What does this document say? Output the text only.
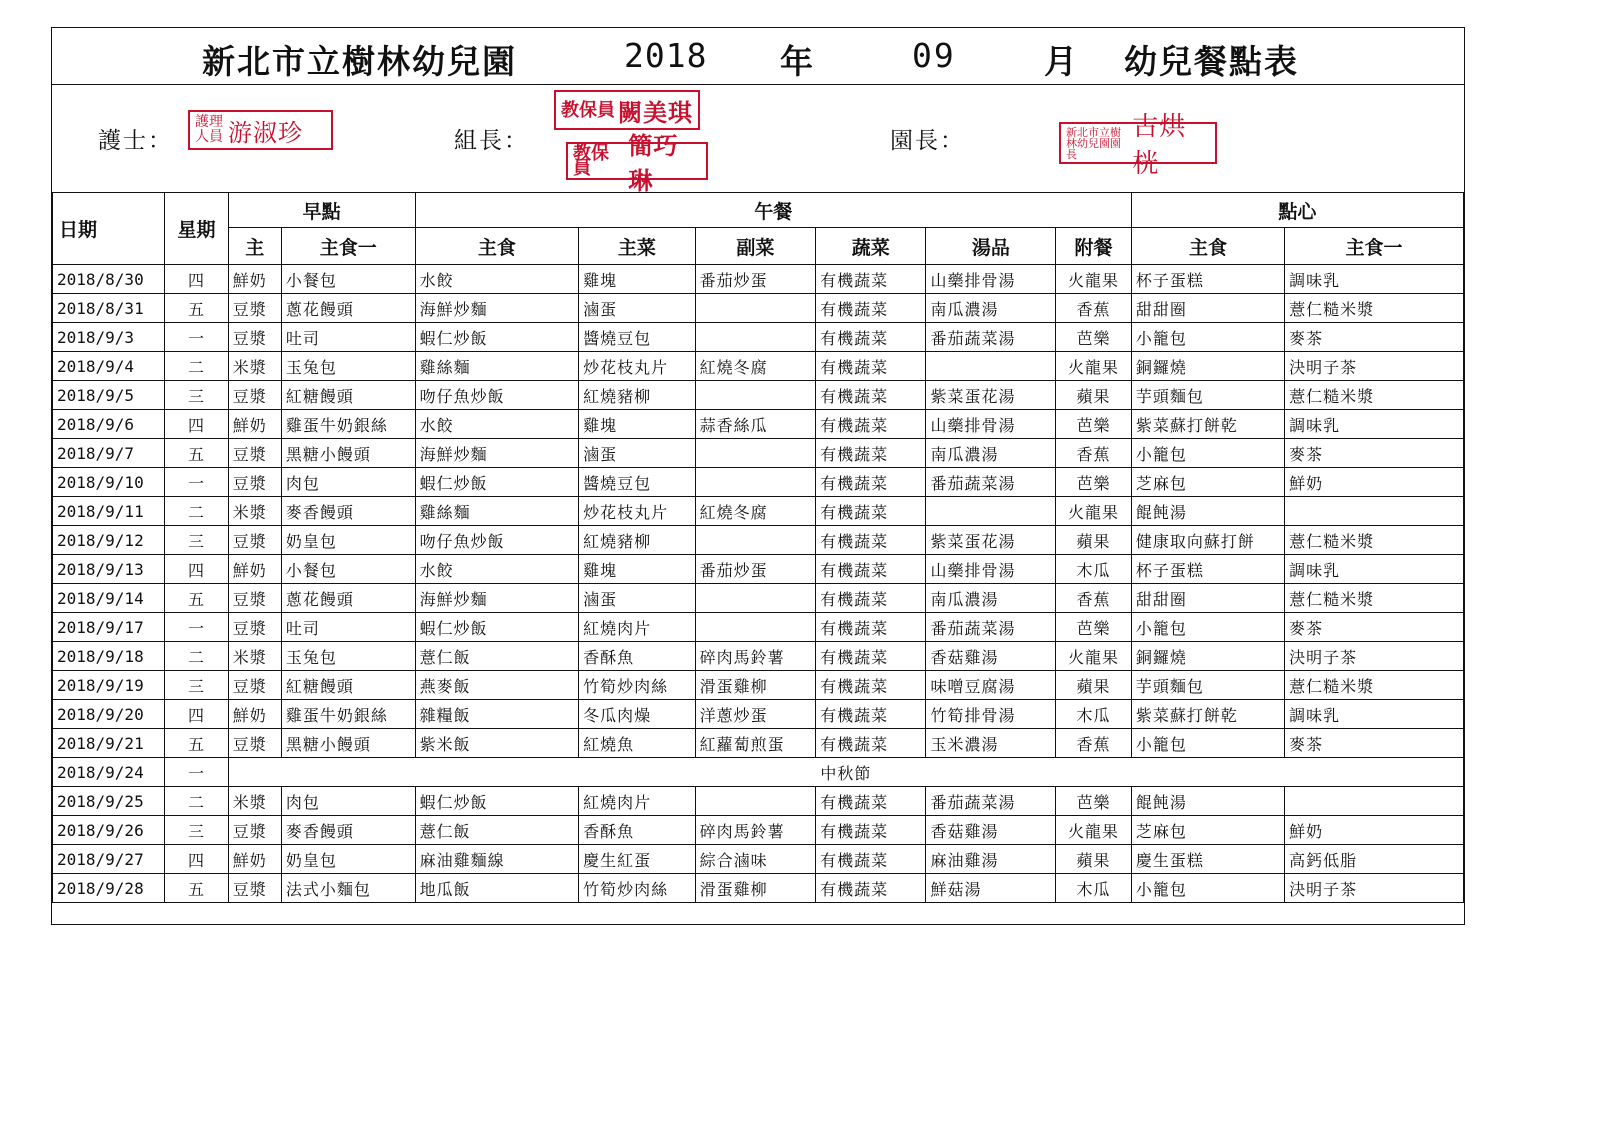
新北市立樹林幼兒園	2018 年	09	月 幼兒餐點表
護士：
護理人員 游淑珍	組長：
教保員 闕美琪
教保員
簡巧琳
園長：	新北市立樹林幼兒園園長
古烘桄
日期	星期	早點		午餐						點心	
		主	主食一	主食	主菜	副菜	蔬菜	湯品	附餐	主食	主食一
2018/8/30	四	鮮奶	小餐包	水餃	雞塊	番茄炒蛋	有機蔬菜	山藥排骨湯	火龍果	杯子蛋糕	調味乳
2018/8/31	五	豆漿	蔥花饅頭	海鮮炒麵	滷蛋		有機蔬菜	南瓜濃湯	香蕉	甜甜圈	薏仁糙米漿
2018/9/3	一	豆漿	吐司	蝦仁炒飯	醬燒豆包		有機蔬菜	番茄蔬菜湯	芭樂	小籠包	麥茶
2018/9/4	二	米漿	玉兔包	雞絲麵	炒花枝丸片	紅燒冬腐	有機蔬菜		火龍果	銅鑼燒	決明子茶
2018/9/5	三	豆漿	紅糖饅頭	吻仔魚炒飯	紅燒豬柳		有機蔬菜	紫菜蛋花湯	蘋果	芋頭麵包	薏仁糙米漿
2018/9/6	四	鮮奶	雞蛋牛奶銀絲	水餃	雞塊	蒜香絲瓜	有機蔬菜	山藥排骨湯	芭樂	紫菜蘇打餅乾	調味乳
2018/9/7	五	豆漿	黑糖小饅頭	海鮮炒麵	滷蛋		有機蔬菜	南瓜濃湯	香蕉	小籠包	麥茶
2018/9/10	一	豆漿	肉包	蝦仁炒飯	醬燒豆包		有機蔬菜	番茄蔬菜湯	芭樂	芝麻包	鮮奶
2018/9/11	二	米漿	麥香饅頭	雞絲麵	炒花枝丸片	紅燒冬腐	有機蔬菜		火龍果	餛飩湯	
2018/9/12	三	豆漿	奶皇包	吻仔魚炒飯	紅燒豬柳		有機蔬菜	紫菜蛋花湯	蘋果	健康取向蘇打餅	薏仁糙米漿
2018/9/13	四	鮮奶	小餐包	水餃	雞塊	番茄炒蛋	有機蔬菜	山藥排骨湯	木瓜	杯子蛋糕	調味乳
2018/9/14	五	豆漿	蔥花饅頭	海鮮炒麵	滷蛋		有機蔬菜	南瓜濃湯	香蕉	甜甜圈	薏仁糙米漿
2018/9/17	一	豆漿	吐司	蝦仁炒飯	紅燒肉片		有機蔬菜	番茄蔬菜湯	芭樂	小籠包	麥茶
2018/9/18	二	米漿	玉兔包	薏仁飯	香酥魚	碎肉馬鈴薯	有機蔬菜	香菇雞湯	火龍果	銅鑼燒	決明子茶
2018/9/19	三	豆漿	紅糖饅頭	燕麥飯	竹筍炒肉絲	滑蛋雞柳	有機蔬菜	味噌豆腐湯	蘋果	芋頭麵包	薏仁糙米漿
2018/9/20	四	鮮奶	雞蛋牛奶銀絲	雜糧飯	冬瓜肉燥	洋蔥炒蛋	有機蔬菜	竹筍排骨湯	木瓜	紫菜蘇打餅乾	調味乳
2018/9/21	五	豆漿	黑糖小饅頭	紫米飯	紅燒魚	紅蘿蔔煎蛋	有機蔬菜	玉米濃湯	香蕉	小籠包	麥茶
2018/9/24	一	中秋節									
2018/9/25	二	米漿	肉包	蝦仁炒飯	紅燒肉片		有機蔬菜	番茄蔬菜湯	芭樂	餛飩湯	
2018/9/26	三	豆漿	麥香饅頭	薏仁飯	香酥魚	碎肉馬鈴薯	有機蔬菜	香菇雞湯	火龍果	芝麻包	鮮奶
2018/9/27	四	鮮奶	奶皇包	麻油雞麵線	慶生紅蛋	綜合滷味	有機蔬菜	麻油雞湯	蘋果	慶生蛋糕	高鈣低脂
2018/9/28	五	豆漿	法式小麵包	地瓜飯	竹筍炒肉絲	滑蛋雞柳	有機蔬菜	鮮菇湯	木瓜	小籠包	決明子茶
